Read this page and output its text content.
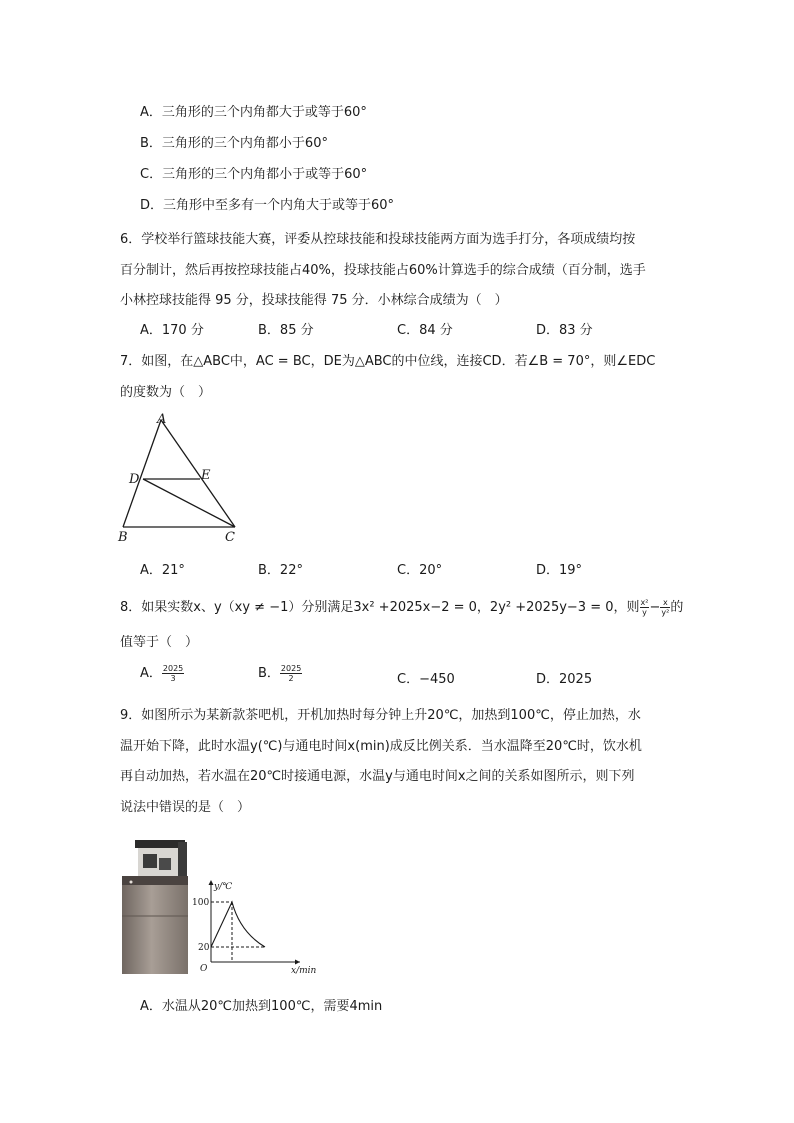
A．三角形的三个内角都大于或等于60°
B．三角形的三个内角都小于60°
C．三角形的三个内角都小于或等于60°
D．三角形中至多有一个内角大于或等于60°
6．学校举行篮球技能大赛，评委从控球技能和投球技能两方面为选手打分，各项成绩均按
百分制计，然后再按控球技能占40%，投球技能占60%计算选手的综合成绩（百分制，选手
小林控球技能得 95 分，投球技能得 75 分．小林综合成绩为（　）
A．170 分	B．85 分	C．84 分	D．83 分
7．如图，在△ABC中，AC = BC，DE为△ABC的中位线，连接CD．若∠B = 70°，则∠EDC
的度数为（　）
A
B	C
D	E
A．21°	B．22°	C．20°	D．19°
8．如果实数x、y（xy ≠ −1）分别满足3x² +2025x−2 = 0，2y² +2025y−3 = 0，则 $\frac{\text{x²}}{y} - \frac{x}{\text{y²}}$ 的
值等于（　）
A． $\frac{2025}{3}$	B． $\frac{2025}{2}$	C．−450	D．2025
9．如图所示为某新款茶吧机，开机加热时每分钟上升20℃，加热到100℃，停止加热，水
温开始下降，此时水温y(℃)与通电时间x(min)成反比例关系．当水温降至20℃时，饮水机
再自动加热，若水温在20℃时接通电源，水温y与通电时间x之间的关系如图所示，则下列
说法中错误的是（　）
y/℃
x/min
100
20
O
A．水温从20℃加热到100℃，需要4min
